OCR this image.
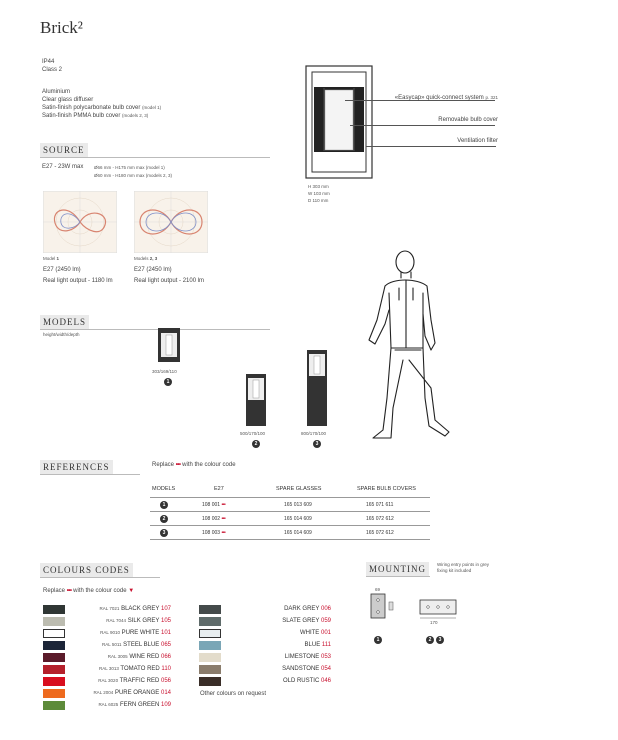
Brick²
IP44
Class 2
Aluminium
Clear glass diffuser
Satin-finish polycarbonate bulb cover (model 1)
Satin-finish PMMA bulb cover (models 2, 3)
«Easycap» quick-connect system p. 321
Removable bulb cover
Ventilation filter
H 303 mm
W 103 mm
D 110 mm
SOURCE
E27 - 23W max Ø66 mm - H175 mm max (model 1)
Ø60 mm - H180 mm max (models 2, 3)
Model 1
E27 (2450 lm)
Real light output - 1180 lm
Models 2, 3
E27 (2450 lm)
Real light output - 2100 lm
MODELS
height/width/depth
303/169/110
1
500/170/100
2
800/170/100
3
REFERENCES	Replace ••• with the colour code
MODELS	E27	SPARE GLASSES	SPARE BULB COVERS
1	108 001 •••	165 013 609	165 071 611
2	108 002 •••	165 014 609	165 072 612
3	108 003 •••	165 014 609	165 072 612
COLOURS CODES
Replace ••• with the colour code ▼
RAL 7021 BLACK GREY 107
RAL 7044 SILK GREY 105
RAL 9010 PURE WHITE 101
RAL 5011 STEEL BLUE 065
RAL 3005 WINE RED 066
RAL 3013 TOMATO RED 110
RAL 3020 TRAFFIC RED 056
RAL 2004 PURE ORANGE 014
RAL 6025 FERN GREEN 109
DARK GREY 006
SLATE GREY 059
WHITE 001
BLUE 111
LIMESTONE 053
SANDSTONE 054
OLD RUSTIC 046
Other colours on request
MOUNTING	Wiring entry points in grey
fixing kit included
69
170
1	2	3
